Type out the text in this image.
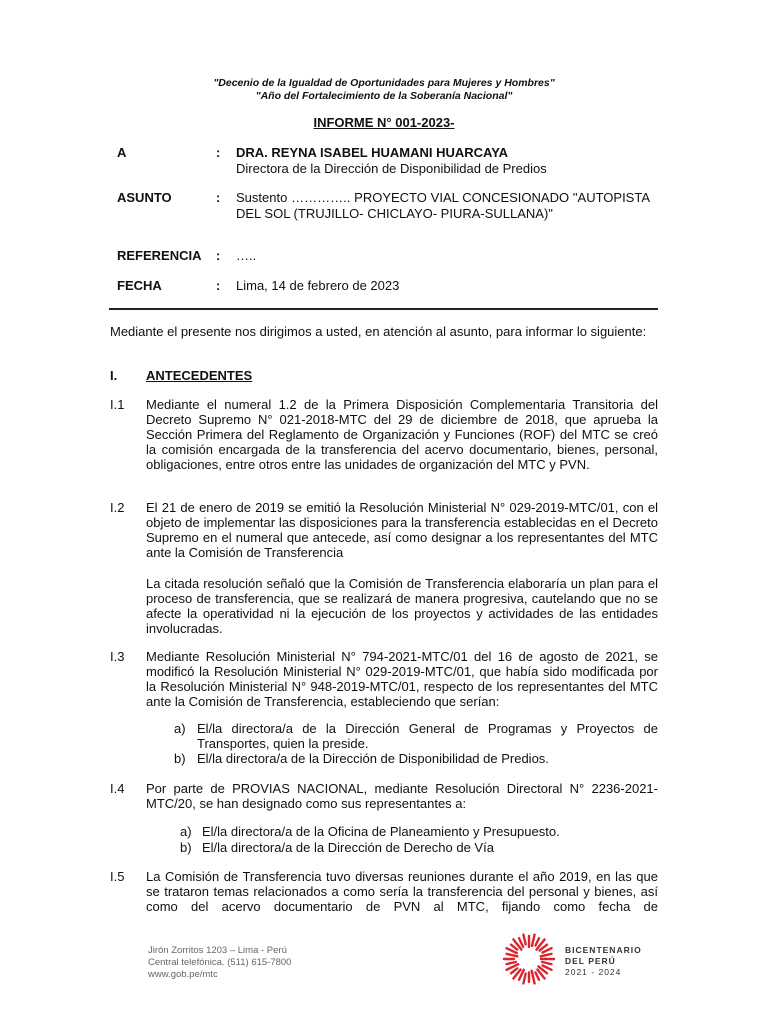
"Decenio de la Igualdad de Oportunidades para Mujeres y Hombres"
"Año del Fortalecimiento de la Soberanía Nacional"
INFORME N° 001-2023-
A	: DRA. REYNA ISABEL HUAMANI HUARCAYA
Directora de la Dirección de Disponibilidad de Predios
ASUNTO	: Sustento ………….. PROYECTO VIAL CONCESIONADO "AUTOPISTA DEL SOL (TRUJILLO- CHICLAYO- PIURA-SULLANA)"
REFERENCIA : …..
FECHA	: Lima, 14 de febrero de 2023
Mediante el presente nos dirigimos a usted, en atención al asunto, para informar lo siguiente:
I. ANTECEDENTES
I.1 Mediante el numeral 1.2 de la Primera Disposición Complementaria Transitoria del Decreto Supremo N° 021-2018-MTC del 29 de diciembre de 2018, que aprueba la Sección Primera del Reglamento de Organización y Funciones (ROF) del MTC se creó la comisión encargada de la transferencia del acervo documentario, bienes, personal, obligaciones, entre otros entre las unidades de organización del MTC y PVN.
I.2 El 21 de enero de 2019 se emitió la Resolución Ministerial N° 029-2019-MTC/01, con el objeto de implementar las disposiciones para la transferencia establecidas en el Decreto Supremo en el numeral que antecede, así como designar a los representantes del MTC ante la Comisión de Transferencia
La citada resolución señaló que la Comisión de Transferencia elaboraría un plan para el proceso de transferencia, que se realizará de manera progresiva, cautelando que no se afecte la operatividad ni la ejecución de los proyectos y actividades de las entidades involucradas.
I.3 Mediante Resolución Ministerial N° 794-2021-MTC/01 del 16 de agosto de 2021, se modificó la Resolución Ministerial N° 029-2019-MTC/01, que había sido modificada por la Resolución Ministerial N° 948-2019-MTC/01, respecto de los representantes del MTC ante la Comisión de Transferencia, estableciendo que serían:
a) El/la directora/a de la Dirección General de Programas y Proyectos de Transportes, quien la preside.
b) El/la directora/a de la Dirección de Disponibilidad de Predios.
I.4 Por parte de PROVIAS NACIONAL, mediante Resolución Directoral N° 2236-2021-MTC/20, se han designado como sus representantes a:
a) El/la directora/a de la Oficina de Planeamiento y Presupuesto.
b) El/la directora/a de la Dirección de Derecho de Vía
I.5 La Comisión de Transferencia tuvo diversas reuniones durante el año 2019, en las que se trataron temas relacionados a como sería la transferencia del personal y bienes, así como del acervo documentario de PVN al MTC, fijando como fecha de
Jirón Zorritos 1203 – Lima - Perú
Central telefónica. (511) 615-7800
www.gob.pe/mtc
BICENTENARIO
DEL PERÚ
2021 - 2024
